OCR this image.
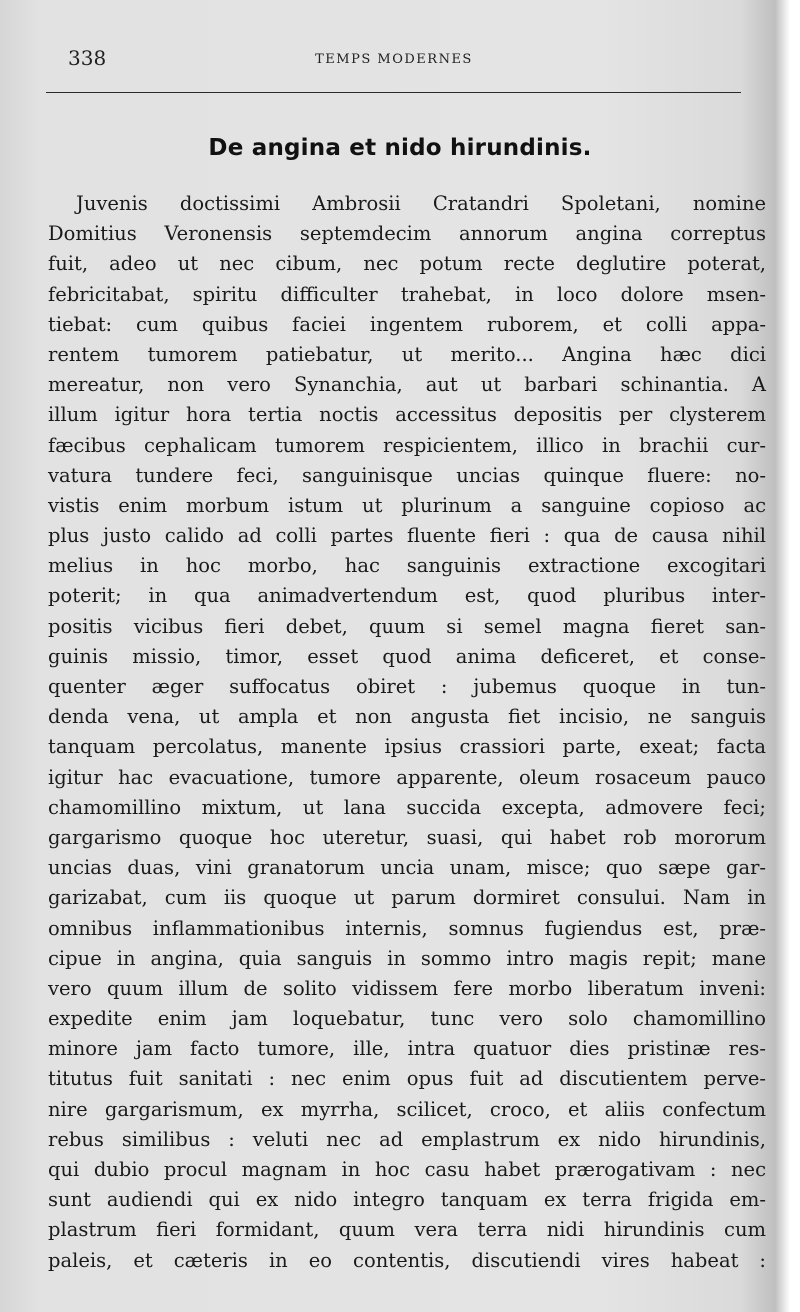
338	TEMPS MODERNES
De angina et nido hirundinis.
Juvenis doctissimi Ambrosii Cratandri Spoletani, nomine
Domitius Veronensis septemdecim annorum angina correptus
fuit, adeo ut nec cibum, nec potum recte deglutire poterat,
febricitabat, spiritu difficulter trahebat, in loco dolore msen-
tiebat: cum quibus faciei ingentem ruborem, et colli appa-
rentem tumorem patiebatur, ut merito... Angina hæc dici
mereatur, non vero Synanchia, aut ut barbari schinantia. A
illum igitur hora tertia noctis accessitus depositis per clysterem
fæcibus cephalicam tumorem respicientem, illico in brachii cur-
vatura tundere feci, sanguinisque uncias quinque fluere: no-
vistis enim morbum istum ut plurinum a sanguine copioso ac
plus justo calido ad colli partes fluente fieri : qua de causa nihil
melius in hoc morbo, hac sanguinis extractione excogitari
poterit; in qua animadvertendum est, quod pluribus inter-
positis vicibus fieri debet, quum si semel magna fieret san-
guinis missio, timor, esset quod anima deficeret, et conse-
quenter æger suffocatus obiret : jubemus quoque in tun-
denda vena, ut ampla et non angusta fiet incisio, ne sanguis
tanquam percolatus, manente ipsius crassiori parte, exeat; facta
igitur hac evacuatione, tumore apparente, oleum rosaceum pauco
chamomillino mixtum, ut lana succida excepta, admovere feci;
gargarismo quoque hoc uteretur, suasi, qui habet rob mororum
uncias duas, vini granatorum uncia unam, misce; quo sæpe gar-
garizabat, cum iis quoque ut parum dormiret consului. Nam in
omnibus inflammationibus internis, somnus fugiendus est, præ-
cipue in angina, quia sanguis in sommo intro magis repit; mane
vero quum illum de solito vidissem fere morbo liberatum inveni:
expedite enim jam loquebatur, tunc vero solo chamomillino
minore jam facto tumore, ille, intra quatuor dies pristinæ res-
titutus fuit sanitati : nec enim opus fuit ad discutientem perve-
nire gargarismum, ex myrrha, scilicet, croco, et aliis confectum
rebus similibus : veluti nec ad emplastrum ex nido hirundinis,
qui dubio procul magnam in hoc casu habet prærogativam : nec
sunt audiendi qui ex nido integro tanquam ex terra frigida em-
plastrum fieri formidant, quum vera terra nidi hirundinis cum
paleis, et cæteris in eo contentis, discutiendi vires habeat :
